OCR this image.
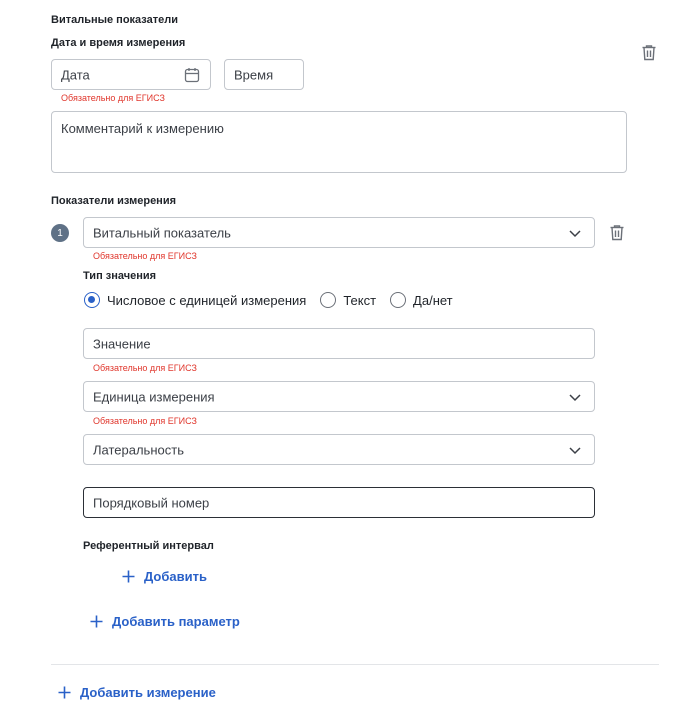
Витальные показатели
Дата и время измерения
Дата
Обязательно для ЕГИСЗ
Время
Комментарий к измерению
Показатели измерения
1	Витальный показатель
Обязательно для ЕГИСЗ
Тип значения
Числовое с единицей измерения	Текст	Да/нет
Значение
Обязательно для ЕГИСЗ
Единица измерения
Обязательно для ЕГИСЗ
Латеральность
Порядковый номер
Референтный интервал
Добавить
Добавить параметр
Добавить измерение
